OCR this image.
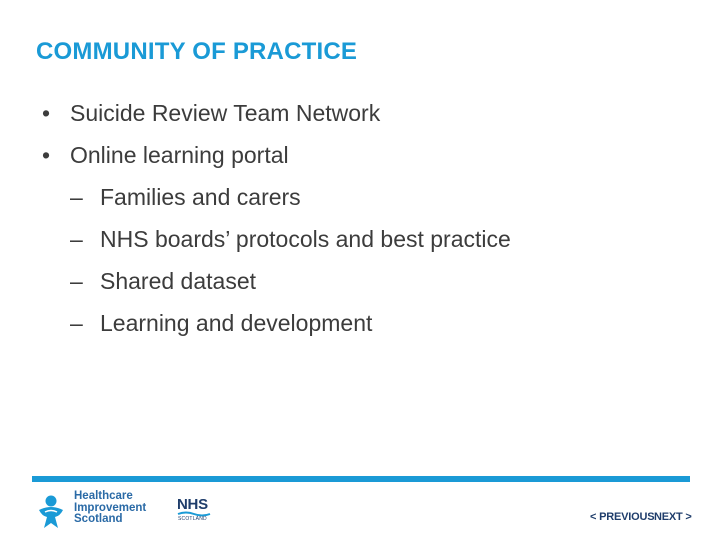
COMMUNITY OF PRACTICE
• Suicide Review Team Network
• Online learning portal
– Families and carers
– NHS boards’ protocols and best practice
– Shared dataset
– Learning and development
Healthcare
Improvement
Scotland
NHS
SCOTLAND	< PREVIOUS NEXT >
